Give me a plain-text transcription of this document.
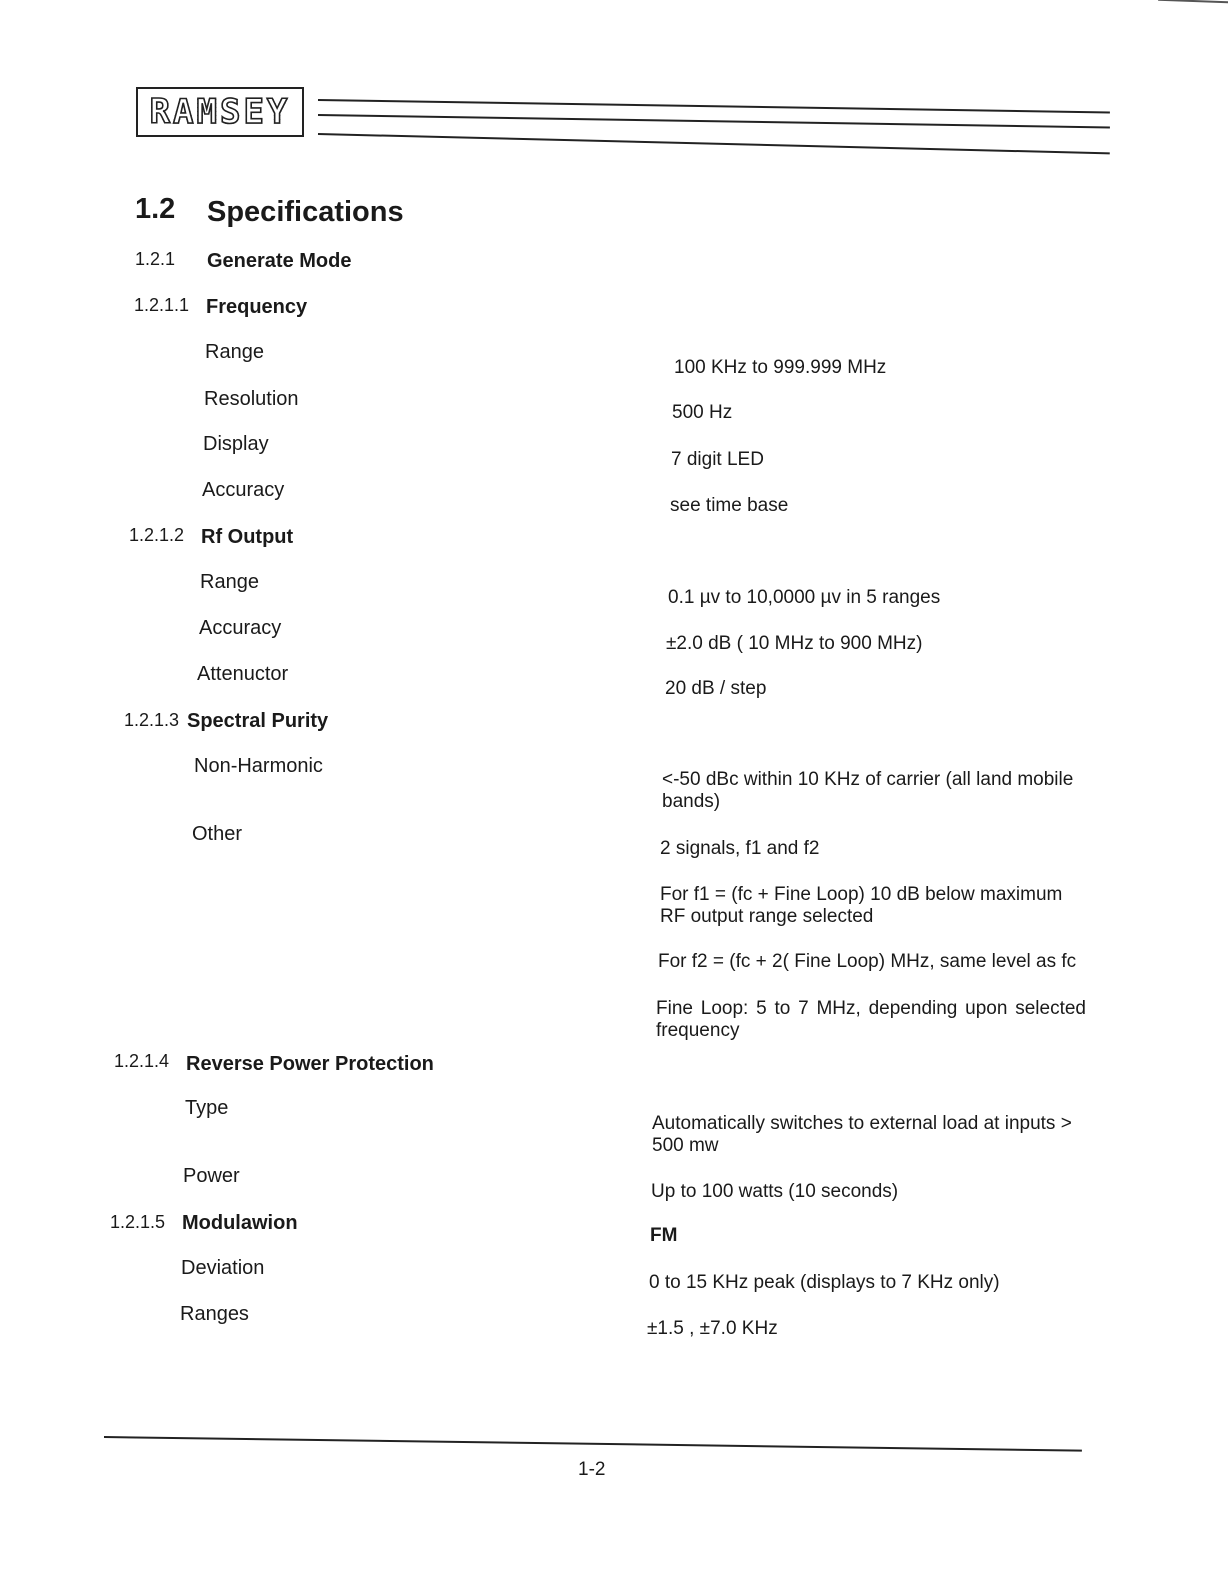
RAMSEY
1.2 Specifications
1.2.1 Generate Mode
1.2.1.1 Frequency
Range
100 KHz to 999.999 MHz
Resolution
500 Hz
Display
7 digit LED
Accuracy
see time base
1.2.1.2 Rf Output
Range
0.1 µv to 10,0000 µv in 5 ranges
Accuracy
±2.0 dB ( 10 MHz to 900 MHz)
Attenuctor
20 dB / step
1.2.1.3 Spectral Purity
Non-Harmonic
<-50 dBc within 10 KHz of carrier (all land mobile bands)
Other
2 signals, f1 and f2
For f1 = (fc + Fine Loop) 10 dB below maximum RF output range selected
For f2 = (fc + 2( Fine Loop) MHz, same level as fc
Fine Loop: 5 to 7 MHz, depending upon selected frequency
1.2.1.4 Reverse Power Protection
Type
Automatically switches to external load at inputs > 500 mw
Power
Up to 100 watts (10 seconds)
1.2.1.5 Modulawion
FM
Deviation
0 to 15 KHz peak (displays to 7 KHz only)
Ranges
±1.5 , ±7.0 KHz
1-2
